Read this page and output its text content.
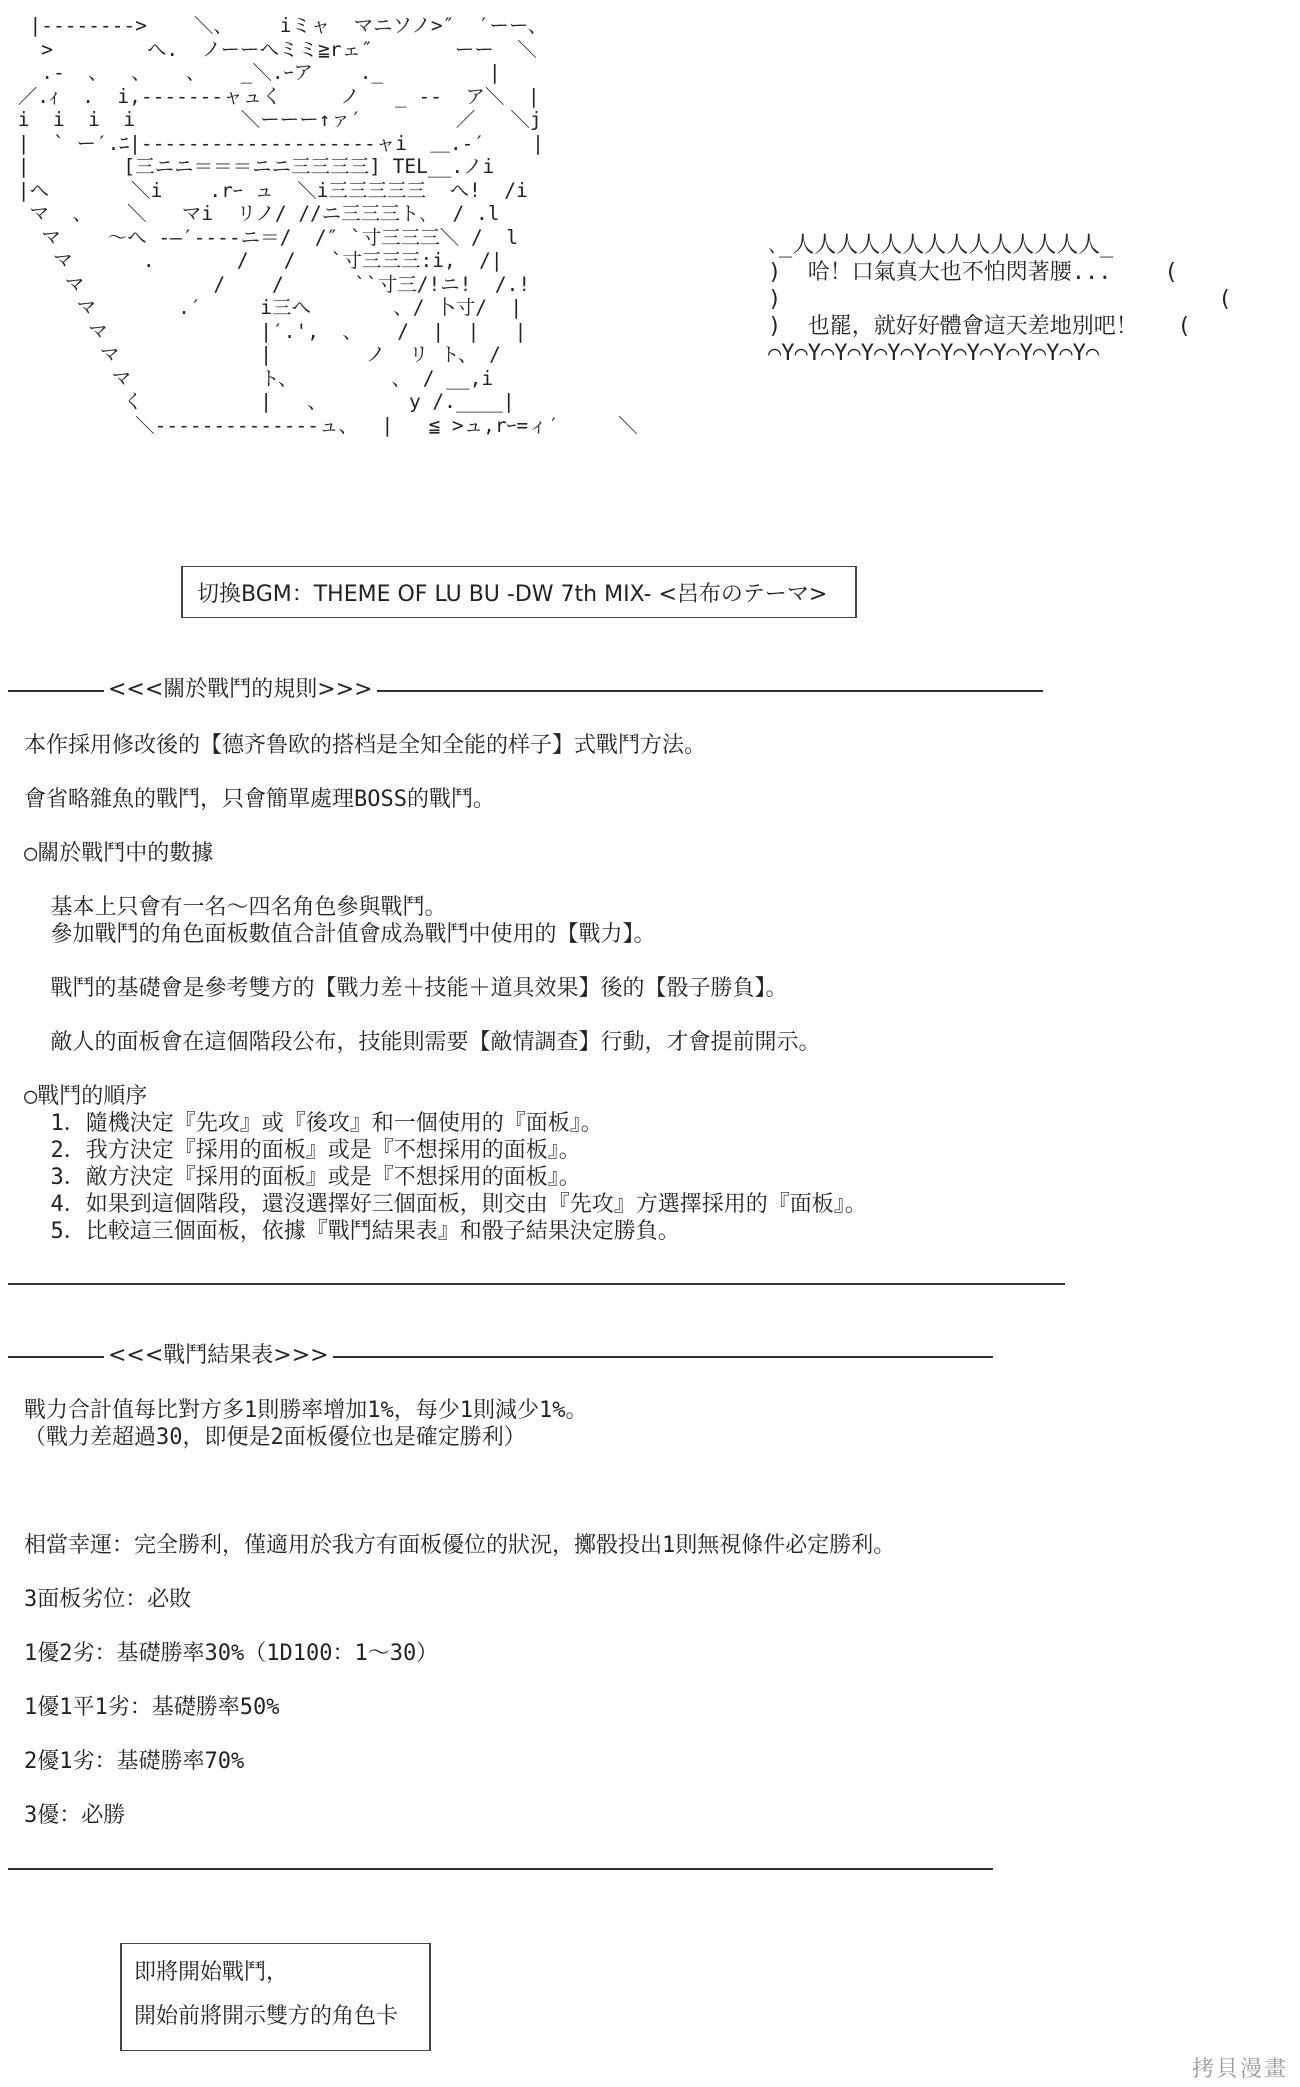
|-------->    ＼、    iミャ  マニソノ>″  ′ーー、
>        へ.  ノーーへミミ≧rェ″       ーー  ＼
.-  、  、   、   _＼.ｰア    ._         |
／.ｨ  .  i,-------ャュく     ノ   _ --  ア＼  |
i  i  i  i         ＼ーーー↑ァ′        ／   ＼j
|  ` ー′.ﾆ|--------------------ャi  ＿.-′    |
|        [三ニニ＝＝＝ニニ三三三三] TEL__.ノi
|へ       ＼i    .rｰ ュ  ＼i三三三三三  へ!  /i
マ  、   ＼   マi  リノ/ //ニ三三三ト､  / .l
マ    ～へ -―′----ニ＝/  /″ `寸三三三＼ /  l
マ      .       /   /   `寸三三三:i,  /|
マ           /    /      ``寸三/!ニ!  /.!
マ       .′     i三へ       、/ 卜寸/  |
マ             |′.',  、   /  |  |   |
マ            |        ノ  リ ト、 /
マ           ト、        、 / __,i
く          |   、       y /.____|
＼--------------ュ、  |   ≦ >ュ,rｰ=ィ′     ＼
､_人人人人人人人人人人人人人人_
)  哈！口氣真大也不怕閃著腰...    (
)                                 (
)  也罷，就好好體會這天差地別吧！   (
⌒Y⌒Y⌒Y⌒Y⌒Y⌒Y⌒Y⌒Y⌒Y⌒Y⌒Y⌒Y⌒
切換BGM：THEME OF LU BU -DW 7th MIX- <呂布のテーマ>
<<<關於戰鬥的規則>>>
本作採用修改後的【德齐鲁欧的搭档是全知全能的样子】式戰鬥方法。

會省略雜魚的戰鬥，只會簡單處理BOSS的戰鬥。

○關於戰鬥中的數據

基本上只會有一名～四名角色參與戰鬥。
參加戰鬥的角色面板數值合計值會成為戰鬥中使用的【戰力】。

戰鬥的基礎會是參考雙方的【戰力差＋技能＋道具效果】後的【骰子勝負】。

敵人的面板會在這個階段公布，技能則需要【敵情調查】行動，才會提前開示。

○戰鬥的順序
1．隨機決定『先攻』或『後攻』和一個使用的『面板』。
2．我方決定『採用的面板』或是『不想採用的面板』。
3．敵方決定『採用的面板』或是『不想採用的面板』。
4．如果到這個階段，還沒選擇好三個面板，則交由『先攻』方選擇採用的『面板』。
5．比較這三個面板，依據『戰鬥結果表』和骰子結果決定勝負。
<<<戰鬥結果表>>>
戰力合計值每比對方多1則勝率增加1%，每少1則減少1%。
（戰力差超過30，即便是2面板優位也是確定勝利）

相當幸運：完全勝利，僅適用於我方有面板優位的狀況，擲骰投出1則無視條件必定勝利。

3面板劣位：必敗

1優2劣：基礎勝率30%（1D100：1～30）

1優1平1劣：基礎勝率50%

2優1劣：基礎勝率70%

3優：必勝
即將開始戰鬥，
開始前將開示雙方的角色卡
拷貝漫畫
